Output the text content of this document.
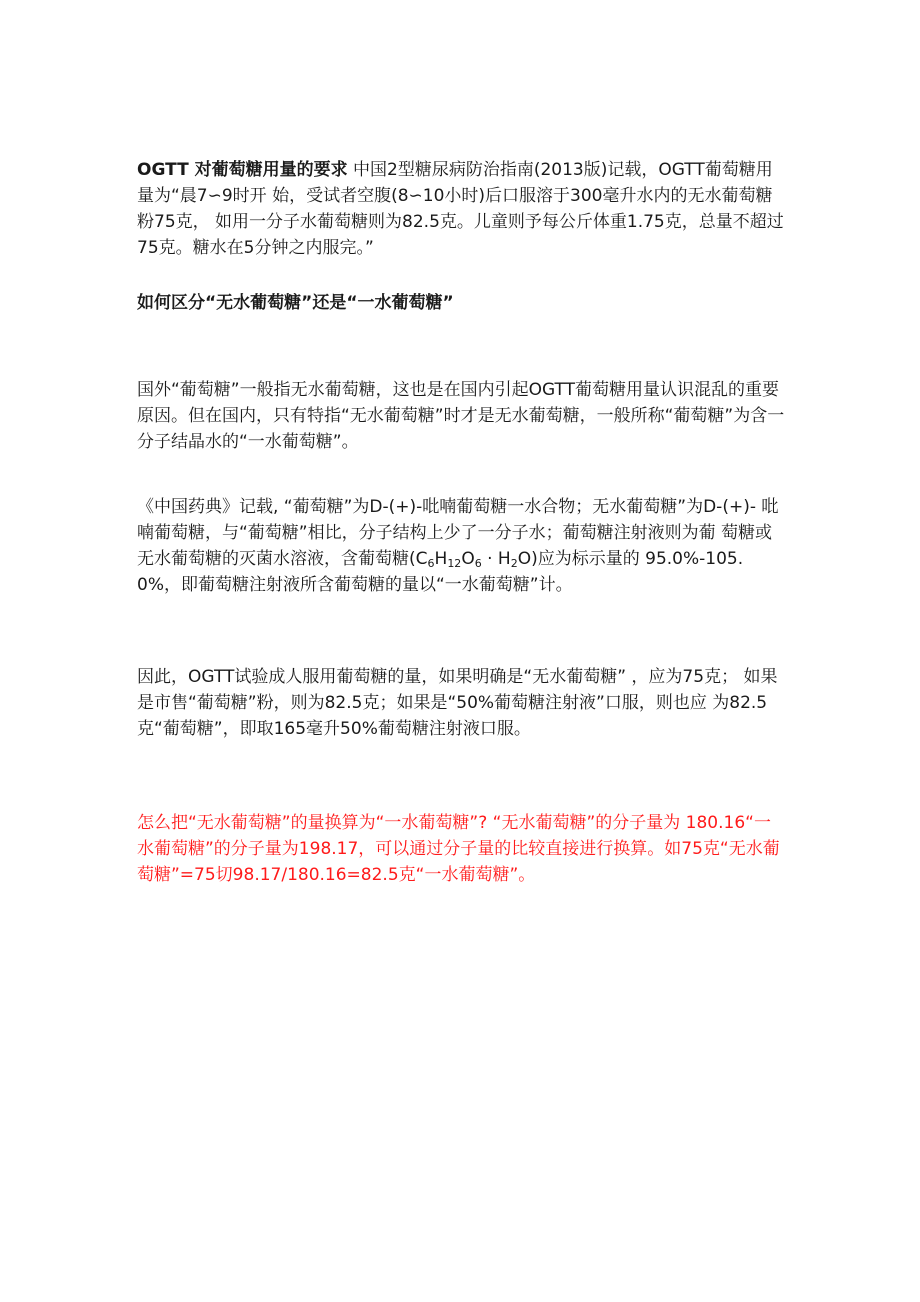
OGTT 对葡萄糖用量的要求 中国2型糖尿病防治指南(2013版)记载，OGTT葡萄糖用量为“晨7∽9时开 始，受试者空腹(8∽10小时)后口服溶于300毫升水内的无水葡萄糖粉75克， 如用一分子水葡萄糖则为82.5克。儿童则予每公斤体重1.75克，总量不超过 75克。糖水在5分钟之内服完。”

如何区分“无水葡萄糖”还是“一水葡萄糖”

国外“葡萄糖”一般指无水葡萄糖，这也是在国内引起OGTT葡萄糖用量认识混乱的重要原因。但在国内，只有特指“无水葡萄糖”时才是无水葡萄糖，一般所称“葡萄糖”为含一分子结晶水的“一水葡萄糖”。

《中国药典》记载, “葡萄糖”为D-(+)-吡喃葡萄糖一水合物；无水葡萄糖”为D-(+)- 吡喃葡萄糖，与“葡萄糖”相比，分子结构上少了一分子水；葡萄糖注射液则为葡 萄糖或无水葡萄糖的灭菌水溶液，含葡萄糖$(C_6H_{12}O_6 \cdot H_2O)$应为标示量的 95.0%-105.0%，即葡萄糖注射液所含葡萄糖的量以“一水葡萄糖”计。

因此，OGTT试验成人服用葡萄糖的量，如果明确是“无水葡萄糖” ，应为75克； 如果是市售“葡萄糖”粉，则为82.5克；如果是“50%葡萄糖注射液”口服，则也应 为82.5克“葡萄糖”，即取165毫升50%葡萄糖注射液口服。

怎么把“无水葡萄糖”的量换算为“一水葡萄糖”? “无水葡萄糖”的分子量为 180.16“一水葡萄糖”的分子量为198.17，可以通过分子量的比较直接进行换算。如75克“无水葡萄糖”=75切98.17/180.16=82.5克“一水葡萄糖”。
